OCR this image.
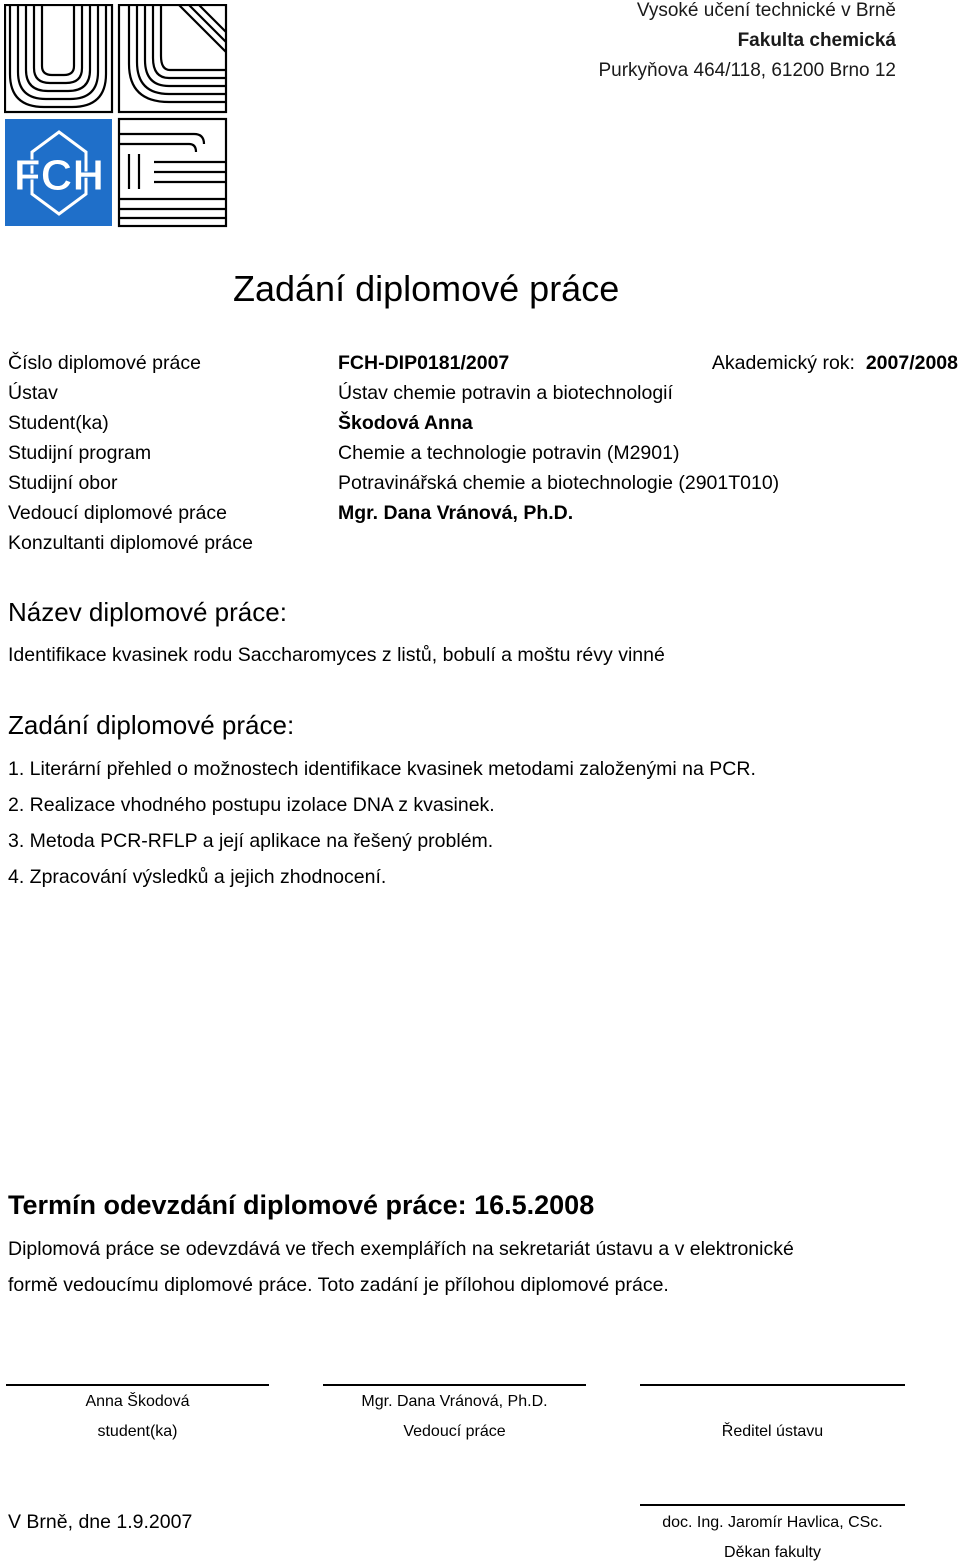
FCH
Vysoké učení technické v Brně
Fakulta chemická
Purkyňova 464/118, 61200 Brno 12
Zadání diplomové práce
Číslo diplomové práce	FCH-DIP0181/2007	Akademický rok: 2007/2008
Ústav	Ústav chemie potravin a biotechnologií
Student(ka)	Škodová Anna
Studijní program	Chemie a technologie potravin (M2901)
Studijní obor	Potravinářská chemie a biotechnologie (2901T010)
Vedoucí diplomové práce	Mgr. Dana Vránová, Ph.D.
Konzultanti diplomové práce
Název diplomové práce:
Identifikace kvasinek rodu Saccharomyces z listů, bobulí a moštu révy vinné
Zadání diplomové práce:
1. Literární přehled o možnostech identifikace kvasinek metodami založenými na PCR.
2. Realizace vhodného postupu izolace DNA z kvasinek.
3. Metoda PCR-RFLP a její aplikace na řešený problém.
4. Zpracování výsledků a jejich zhodnocení.
Termín odevzdání diplomové práce: 16.5.2008
Diplomová práce se odevzdává ve třech exemplářích na sekretariát ústavu a v elektronické
formě vedoucímu diplomové práce. Toto zadání je přílohou diplomové práce.
Anna Škodová	Mgr. Dana Vránová, Ph.D.
student(ka)	Vedoucí práce	Ředitel ústavu
V Brně, dne 1.9.2007	doc. Ing. Jaromír Havlica, CSc.
Děkan fakulty
